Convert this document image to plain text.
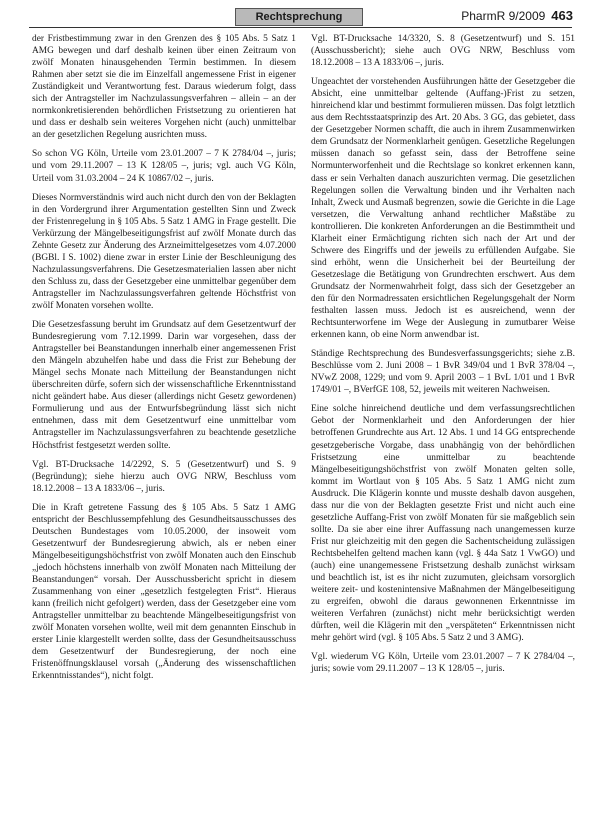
Rechtsprechung	PharmR 9/2009 463

der Fristbestimmung zwar in den Grenzen des § 105 Abs. 5 Satz 1 AMG bewegen und darf deshalb keinen über einen Zeitraum von zwölf Monaten hinausgehenden Termin bestimmen. In diesem Rahmen aber setzt sie die im Einzelfall angemessene Frist in eigener Zuständigkeit und Verantwortung fest. Daraus wiederum folgt, dass sich der Antragsteller im Nachzulassungsverfahren – allein – an der normkonkretisierenden behördlichen Fristsetzung zu orientieren hat und dass er deshalb sein weiteres Vorgehen nicht (auch) unmittelbar an der gesetzlichen Regelung ausrichten muss.

So schon VG Köln, Urteile vom 23.01.2007 – 7 K 2784/04 –, juris; und vom 29.11.2007 – 13 K 128/05 –, juris; vgl. auch VG Köln, Urteil vom 31.03.2004 – 24 K 10867/02 –, juris.

Dieses Normverständnis wird auch nicht durch den von der Beklagten in den Vordergrund ihrer Argumentation gestellten Sinn und Zweck der Fristenregelung in § 105 Abs. 5 Satz 1 AMG in Frage gestellt. Die Verkürzung der Mängelbeseitigungsfrist auf zwölf Monate durch das Zehnte Gesetz zur Änderung des Arzneimittelgesetzes vom 4.07.2000 (BGBl. I S. 1002) diene zwar in erster Linie der Beschleunigung des Nachzulassungsverfahrens. Die Gesetzesmaterialien lassen aber nicht den Schluss zu, dass der Gesetzgeber eine unmittelbar gegenüber dem Antragsteller im Nachzulassungsverfahren geltende Höchstfrist von zwölf Monaten vorsehen wollte.

Die Gesetzesfassung beruht im Grundsatz auf dem Gesetzentwurf der Bundesregierung vom 7.12.1999. Darin war vorgesehen, dass der Antragsteller bei Beanstandungen innerhalb einer angemessenen Frist den Mängeln abzuhelfen habe und dass die Frist zur Behebung der Mängel sechs Monate nach Mitteilung der Beanstandungen nicht überschreiten dürfe, sofern sich der wissenschaftliche Erkenntnisstand nicht geändert habe. Aus dieser (allerdings nicht Gesetz gewordenen) Formulierung und aus der Entwurfsbegründung lässt sich nicht entnehmen, dass mit dem Gesetzentwurf eine unmittelbar vom Antragsteller im Nachzulassungsverfahren zu beachtende gesetzliche Höchstfrist festgesetzt werden sollte.

Vgl. BT-Drucksache 14/2292, S. 5 (Gesetzentwurf) und S. 9 (Begründung); siehe hierzu auch OVG NRW, Beschluss vom 18.12.2008 – 13 A 1833/06 –, juris.

Die in Kraft getretene Fassung des § 105 Abs. 5 Satz 1 AMG entspricht der Beschlussempfehlung des Gesundheitsausschusses des Deutschen Bundestages vom 10.05.2000, der insoweit vom Gesetzentwurf der Bundesregierung abwich, als er neben einer Mängelbeseitigungshöchstfrist von zwölf Monaten auch den Einschub „jedoch höchstens innerhalb von zwölf Monaten nach Mitteilung der Beanstandungen“ vorsah. Der Ausschussbericht spricht in diesem Zusammenhang von einer „gesetzlich festgelegten Frist“. Hieraus kann (freilich nicht gefolgert) werden, dass der Gesetzgeber eine vom Antragsteller unmittelbar zu beachtende Mängelbeseitigungsfrist von zwölf Monaten vorsehen wollte, weil mit dem genannten Einschub in erster Linie klargestellt werden sollte, dass der Gesundheitsausschuss dem Gesetzentwurf der Bundesregierung, der noch eine Fristenöffnungsklausel vorsah („Änderung des wissenschaftlichen Erkenntnisstandes“), nicht folgt.

Vgl. BT-Drucksache 14/3320, S. 8 (Gesetzentwurf) und S. 151 (Ausschussbericht); siehe auch OVG NRW, Beschluss vom 18.12.2008 – 13 A 1833/06 –, juris.

Ungeachtet der vorstehenden Ausführungen hätte der Gesetzgeber die Absicht, eine unmittelbar geltende (Auffang-)Frist zu setzen, hinreichend klar und bestimmt formulieren müssen. Das folgt letztlich aus dem Rechtsstaatsprinzip des Art. 20 Abs. 3 GG, das gebietet, dass der Gesetzgeber Normen schafft, die auch in ihrem Zusammenwirken dem Grundsatz der Normenklarheit genügen. Gesetzliche Regelungen müssen danach so gefasst sein, dass der Betroffene seine Normunterworfenheit und die Rechtslage so konkret erkennen kann, dass er sein Verhalten danach auszurichten vermag. Die gesetzlichen Regelungen sollen die Verwaltung binden und ihr Verhalten nach Inhalt, Zweck und Ausmaß begrenzen, sowie die Gerichte in die Lage versetzen, die Verwaltung anhand rechtlicher Maßstäbe zu kontrollieren. Die konkreten Anforderungen an die Bestimmtheit und Klarheit einer Ermächtigung richten sich nach der Art und der Schwere des Eingriffs und der jeweils zu erfüllenden Aufgabe. Sie sind erhöht, wenn die Unsicherheit bei der Beurteilung der Gesetzeslage die Betätigung von Grundrechten erschwert. Aus dem Grundsatz der Normenwahrheit folgt, dass sich der Gesetzgeber an den für den Normadressaten ersichtlichen Regelungsgehalt der Norm festhalten lassen muss. Jedoch ist es ausreichend, wenn der Rechtsunterworfene im Wege der Auslegung in zumutbarer Weise erkennen kann, ob eine Norm anwendbar ist.

Ständige Rechtsprechung des Bundesverfassungsgerichts; siehe z.B. Beschlüsse vom 2. Juni 2008 – 1 BvR 349/04 und 1 BvR 378/04 –, NVwZ 2008, 1229; und vom 9. April 2003 – 1 BvL 1/01 und 1 BvR 1749/01 –, BVerfGE 108, 52, jeweils mit weiteren Nachweisen.

Eine solche hinreichend deutliche und dem verfassungsrechtlichen Gebot der Normenklarheit und den Anforderungen der hier betroffenen Grundrechte aus Art. 12 Abs. 1 und 14 GG entsprechende gesetzgeberische Vorgabe, dass unabhängig von der behördlichen Fristsetzung eine unmittelbar zu beachtende Mängelbeseitigungshöchstfrist von zwölf Monaten gelten solle, kommt im Wortlaut von § 105 Abs. 5 Satz 1 AMG nicht zum Ausdruck. Die Klägerin konnte und musste deshalb davon ausgehen, dass nur die von der Beklagten gesetzte Frist und nicht auch eine gesetzliche Auffang-Frist von zwölf Monaten für sie maßgeblich sein sollte. Da sie aber eine ihrer Auffassung nach unangemessen kurze Frist nur gleichzeitig mit den gegen die Sachentscheidung zulässigen Rechtsbehelfen geltend machen kann (vgl. § 44a Satz 1 VwGO) und (auch) eine unangemessene Fristsetzung deshalb zunächst wirksam und beachtlich ist, ist es ihr nicht zuzumuten, gleichsam vorsorglich weitere zeit- und kostenintensive Maßnahmen der Mängelbeseitigung zu ergreifen, obwohl die daraus gewonnenen Erkenntnisse im weiteren Verfahren (zunächst) nicht mehr berücksichtigt werden dürften, weil die Klägerin mit den „verspäteten“ Erkenntnissen nicht mehr gehört wird (vgl. § 105 Abs. 5 Satz 2 und 3 AMG).

Vgl. wiederum VG Köln, Urteile vom 23.01.2007 – 7 K 2784/04 –, juris; sowie vom 29.11.2007 – 13 K 128/05 –, juris.
